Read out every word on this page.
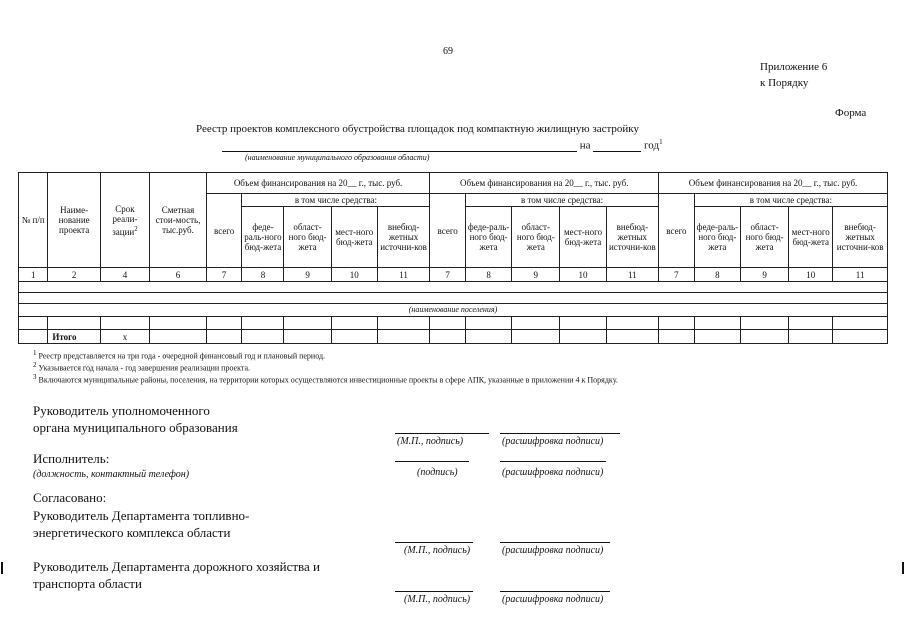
69
Приложение 6
к Порядку
Форма
Реестр проектов комплексного обустройства площадок под компактную жилищную застройку
на	год$^1$
(наименование муниципального образования области)
№ п/п	Наиме-нование проекта	Срок реали-зации$^2$	Сметная стои-мость, тыс.руб.	Объем финансирования на 20__ г., тыс. руб.					Объем финансирования на 20__ г., тыс. руб.					Объем финансирования на 20__ г., тыс. руб.				
				всего	в том числе средства:				всего	в том числе средства:				всего	в том числе средства:			
					феде-раль-ного бюд-жета	област-ного бюд-жета	мест-ного бюд-жета	внебюд-жетных источни-ков		феде-раль-ного бюд-жета	област-ного бюд-жета	мест-ного бюд-жета	внебюд-жетных источни-ков		феде-раль-ного бюд-жета	област-ного бюд-жета	мест-ного бюд-жета	внебюд-жетных источни-ков
1	2	4	6	7	8	9	10	11	7	8	9	10	11	7	8	9	10	11

(наименование поселения)																		

	Итого	х																
$^1$ Реестр представляется на три года - очередной финансовый год и плановый период.
$^2$ Указывается год начала - год завершения реализации проекта.
$^3$ Включаются муниципальные районы, поселения, на территории которых осуществляются инвестиционные проекты в сфере АПК, указанные в приложении 4 к Порядку.
Руководитель уполномоченного
органа муниципального образования
(М.П., подпись)	(расшифровка подписи)
Исполнитель:
(должность, контактный телефон)	(подпись)	(расшифровка подписи)
Согласовано:
Руководитель Департамента топливно-
энергетического комплекса области
(М.П., подпись)	(расшифровка подписи)
Руководитель Департамента дорожного хозяйства и
транспорта области
(М.П., подпись)	(расшифровка подписи)
